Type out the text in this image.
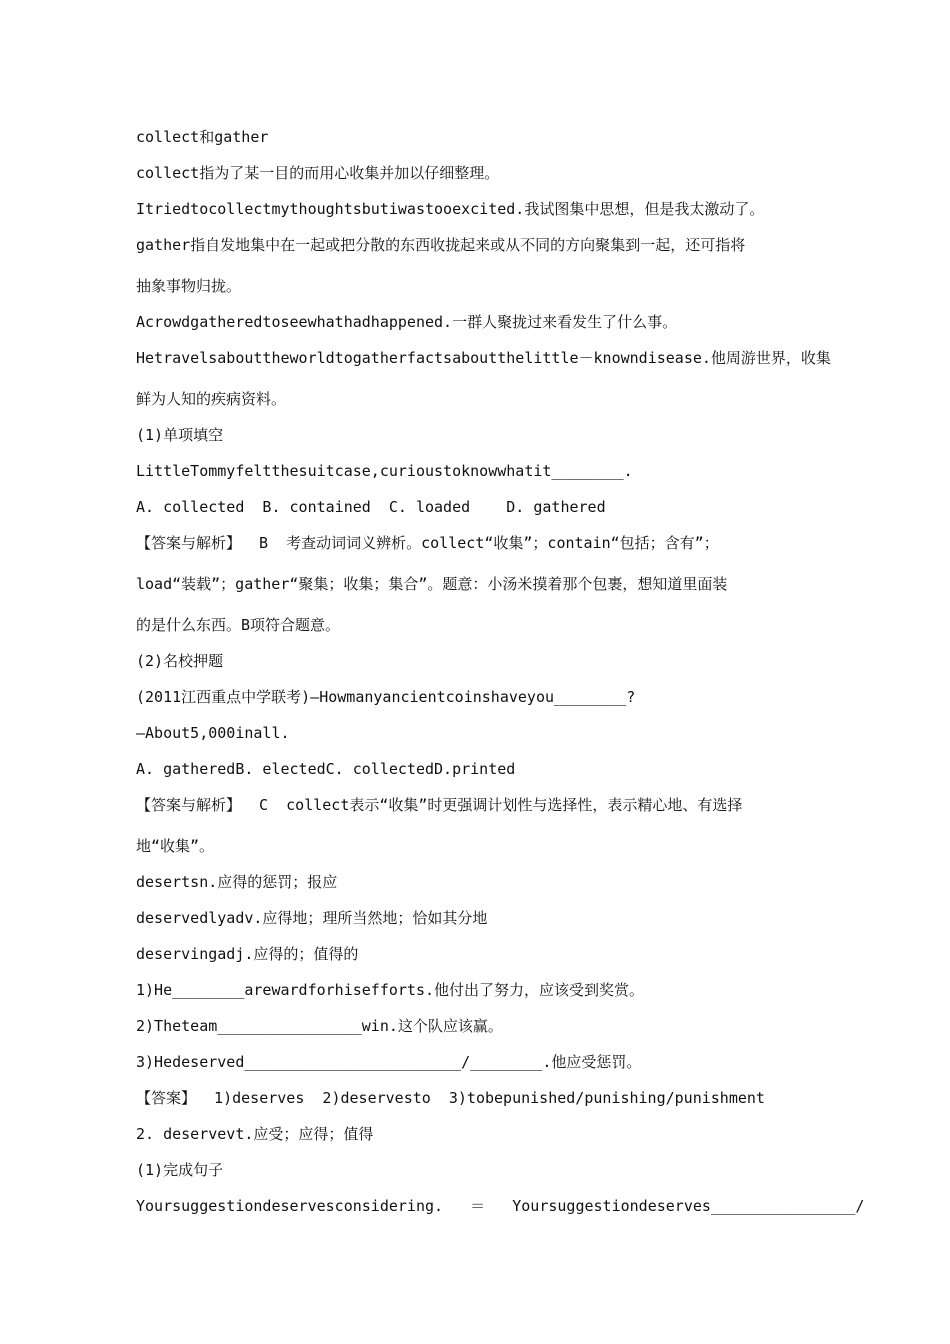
collect和gather
collect指为了某一目的而用心收集并加以仔细整理。
Itriedtocollectmythoughtsbutiwastooexcited.我试图集中思想，但是我太激动了。
gather指自发地集中在一起或把分散的东西收拢起来或从不同的方向聚集到一起，还可指将
抽象事物归拢。
Acrowdgatheredtoseewhathadhappened.一群人聚拢过来看发生了什么事。
Hetravelsabouttheworldtogatherfactsaboutthelittle－knowndisease.他周游世界，收集
鲜为人知的疾病资料。
(1)单项填空
LittleTommyfeltthesuitcase,curioustoknowwhatit________.
A. collected  B. contained  C. loaded    D. gathered
【答案与解析】  B  考查动词词义辨析。collect“收集”；contain“包括；含有”；
load“装载”；gather“聚集；收集；集合”。题意：小汤米摸着那个包裹，想知道里面装
的是什么东西。B项符合题意。
(2)名校押题
(2011江西重点中学联考)—Howmanyancientcoinshaveyou________?
—About5,000inall.
A. gatheredB. electedC. collectedD.printed
【答案与解析】  C  collect表示“收集”时更强调计划性与选择性，表示精心地、有选择
地“收集”。
desertsn.应得的惩罚；报应
deservedlyadv.应得地；理所当然地；恰如其分地
deservingadj.应得的；值得的
1)He________arewardforhisefforts.他付出了努力，应该受到奖赏。
2)Theteam________________win.这个队应该赢。
3)Hedeserved________________________/________.他应受惩罚。
【答案】  1)deserves  2)deservesto  3)tobepunished/punishing/punishment
2. deservevt.应受；应得；值得
(1)完成句子
Yoursuggestiondeservesconsidering.   ＝   Yoursuggestiondeserves________________/
